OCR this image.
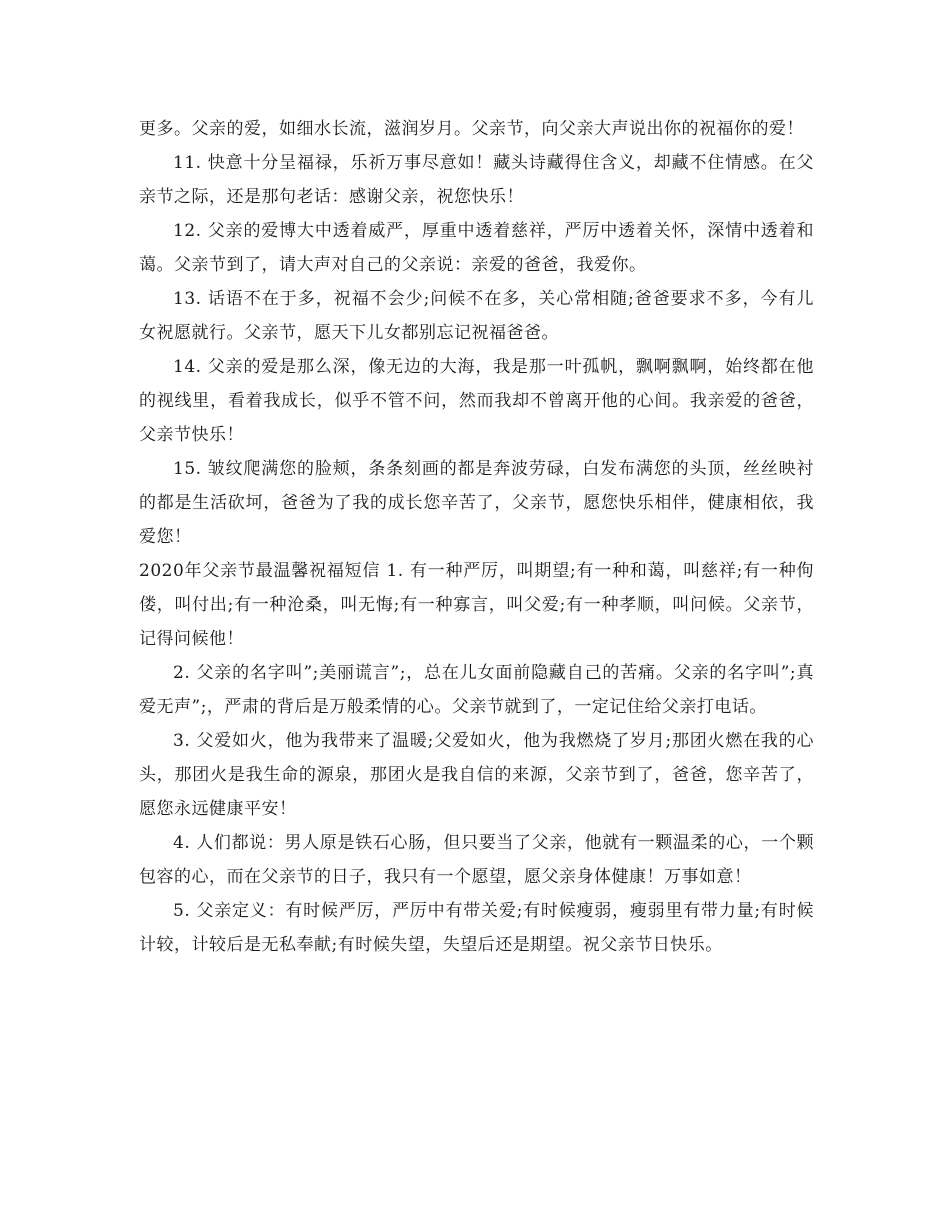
更多。父亲的爱，如细水长流，滋润岁月。父亲节，向父亲大声说出你的祝福你的爱！

11. 快意十分呈福禄，乐祈万事尽意如！藏头诗藏得住含义，却藏不住情感。在父亲节之际，还是那句老话：感谢父亲，祝您快乐！

12. 父亲的爱博大中透着威严，厚重中透着慈祥，严厉中透着关怀，深情中透着和蔼。父亲节到了，请大声对自己的父亲说：亲爱的爸爸，我爱你。

13. 话语不在于多，祝福不会少;问候不在多，关心常相随;爸爸要求不多，今有儿女祝愿就行。父亲节，愿天下儿女都别忘记祝福爸爸。

14. 父亲的爱是那么深，像无边的大海，我是那一叶孤帆，飘啊飘啊，始终都在他的视线里，看着我成长，似乎不管不问，然而我却不曾离开他的心间。我亲爱的爸爸，父亲节快乐！

15. 皱纹爬满您的脸颊，条条刻画的都是奔波劳碌，白发布满您的头顶，丝丝映衬的都是生活砍坷，爸爸为了我的成长您辛苦了，父亲节，愿您快乐相伴，健康相依，我爱您！

2020年父亲节最温馨祝福短信 1. 有一种严厉，叫期望;有一种和蔼，叫慈祥;有一种佝偻，叫付出;有一种沧桑，叫无悔;有一种寡言，叫父爱;有一种孝顺，叫问候。父亲节，记得问候他！

2. 父亲的名字叫”;美丽谎言”;，总在儿女面前隐藏自己的苦痛。父亲的名字叫”;真爱无声”;，严肃的背后是万般柔情的心。父亲节就到了，一定记住给父亲打电话。

3. 父爱如火，他为我带来了温暖;父爱如火，他为我燃烧了岁月;那团火燃在我的心头，那团火是我生命的源泉，那团火是我自信的来源，父亲节到了，爸爸，您辛苦了，愿您永远健康平安！

4. 人们都说：男人原是铁石心肠，但只要当了父亲，他就有一颗温柔的心，一个颗包容的心，而在父亲节的日子，我只有一个愿望，愿父亲身体健康！万事如意！

5. 父亲定义：有时候严厉，严厉中有带关爱;有时候瘦弱，瘦弱里有带力量;有时候计较，计较后是无私奉献;有时候失望，失望后还是期望。祝父亲节日快乐。
